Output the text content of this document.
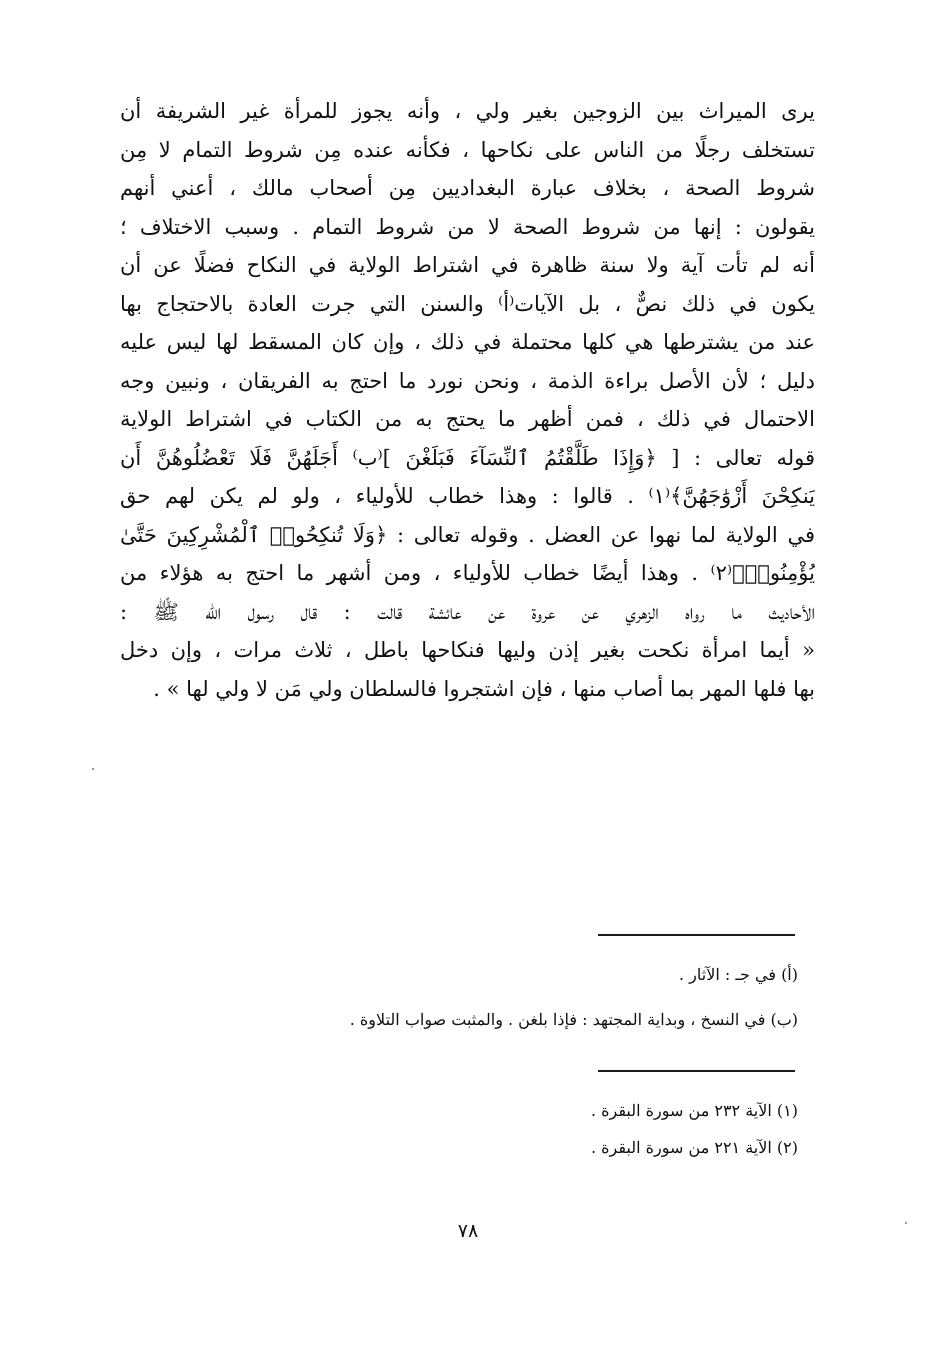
يرى الميراث بين الزوجين بغير ولي ، وأنه يجوز للمرأة غير الشريفة أن
تستخلف رجلًا من الناس على نكاحها ، فكأنه عنده مِن شروط التمام لا مِن
شروط الصحة ، بخلاف عبارة البغداديين مِن أصحاب مالك ، أعني أنهم
يقولون : إنها من شروط الصحة لا من شروط التمام . وسبب الاختلاف ؛
أنه لم تأت آية ولا سنة ظاهرة في اشتراط الولاية في النكاح فضلًا عن أن
يكون في ذلك نصٌّ ، بل الآيات⁽أ⁾ والسنن التي جرت العادة بالاحتجاج بها
عند من يشترطها هي كلها محتملة في ذلك ، وإن كان المسقط لها ليس عليه
دليل ؛ لأن الأصل براءة الذمة ، ونحن نورد ما احتج به الفريقان ، ونبين وجه
الاحتمال في ذلك ، فمن أظهر ما يحتج به من الكتاب في اشتراط الولاية
قوله تعالى : [ ﴿وَإِذَا طَلَّقْتُمُ ٱلنِّسَآءَ فَبَلَغْنَ ]⁽ب⁾ أَجَلَهُنَّ فَلَا تَعْضُلُوهُنَّ أَن
يَنكِحْنَ أَزْوَٰجَهُنَّ﴾⁽١⁾ . قالوا : وهذا خطاب للأولياء ، ولو لم يكن لهم حق
في الولاية لما نهوا عن العضل . وقوله تعالى : ﴿وَلَا تُنكِحُوا۟ ٱلْمُشْرِكِينَ حَتَّىٰ
يُؤْمِنُوا۟﴾⁽٢⁾ . وهذا أيضًا خطاب للأولياء ، ومن أشهر ما احتج به هؤلاء من
الأحاديث ما رواه الزهري عن عروة عن عائشة قالت : قال رسول الله ﷺ :
« أيما امرأة نكحت بغير إذن وليها فنكاحها باطل ، ثلاث مرات ، وإن دخل
بها فلها المهر بما أصاب منها ، فإن اشتجروا فالسلطان ولي مَن لا ولي لها » .
(أ) في جـ : الآثار .
(ب) في النسخ ، وبداية المجتهد : فإذا بلغن . والمثبت صواب التلاوة .
(١) الآية ٢٣٢ من سورة البقرة .
(٢) الآية ٢٢١ من سورة البقرة .
٧٨
